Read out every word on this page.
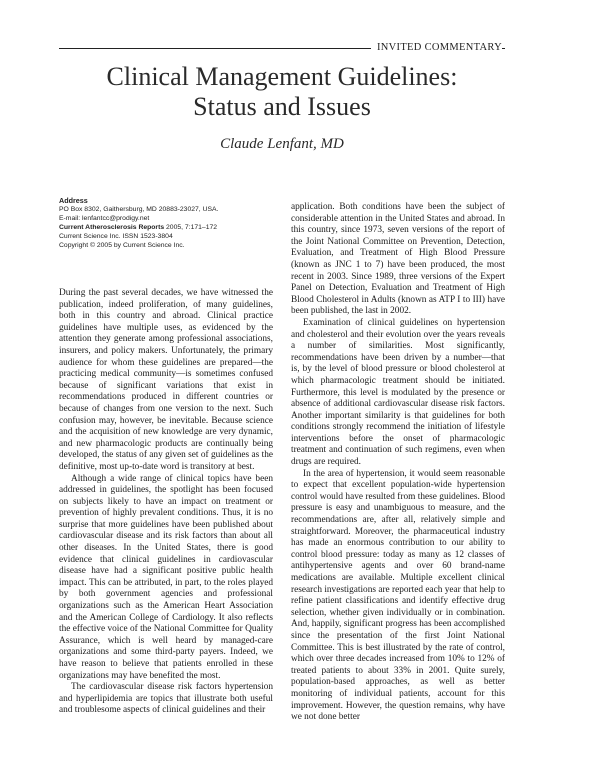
INVITED COMMENTARY
Clinical Management Guidelines:
Status and Issues
Claude Lenfant, MD
Address
PO Box 8302, Gaithersburg, MD 20883-23027, USA.
E-mail: lenfantcc@prodigy.net
Current Atherosclerosis Reports 2005, 7:171–172
Current Science Inc. ISSN 1523-3804
Copyright © 2005 by Current Science Inc.

During the past several decades, we have witnessed the publication, indeed proliferation, of many guidelines, both in this country and abroad. Clinical practice guidelines have multiple uses, as evidenced by the attention they generate among professional associations, insurers, and policy makers. Unfortunately, the primary audience for whom these guidelines are prepared—the practicing medical community—is sometimes confused because of significant variations that exist in recommendations produced in different countries or because of changes from one version to the next. Such confusion may, however, be inevitable. Because science and the acquisition of new knowledge are very dynamic, and new pharmacologic products are continually being developed, the status of any given set of guidelines as the definitive, most up-to-date word is transitory at best.

Although a wide range of clinical topics have been addressed in guidelines, the spotlight has been focused on subjects likely to have an impact on treatment or prevention of highly prevalent conditions. Thus, it is no surprise that more guidelines have been published about cardiovascular disease and its risk factors than about all other diseases. In the United States, there is good evidence that clinical guidelines in cardiovascular disease have had a significant positive public health impact. This can be attributed, in part, to the roles played by both government agencies and professional organizations such as the American Heart Association and the American College of Cardiology. It also reflects the effective voice of the National Committee for Quality Assurance, which is well heard by managed-care organizations and some third-party payers. Indeed, we have reason to believe that patients enrolled in these organizations may have benefited the most.

The cardiovascular disease risk factors hypertension and hyperlipidemia are topics that illustrate both useful and troublesome aspects of clinical guidelines and their

application. Both conditions have been the subject of considerable attention in the United States and abroad. In this country, since 1973, seven versions of the report of the Joint National Committee on Prevention, Detection, Evaluation, and Treatment of High Blood Pressure (known as JNC 1 to 7) have been produced, the most recent in 2003. Since 1989, three versions of the Expert Panel on Detection, Evaluation and Treatment of High Blood Cholesterol in Adults (known as ATP I to III) have been published, the last in 2002.

Examination of clinical guidelines on hypertension and cholesterol and their evolution over the years reveals a number of similarities. Most significantly, recommendations have been driven by a number—that is, by the level of blood pressure or blood cholesterol at which pharmacologic treatment should be initiated. Furthermore, this level is modulated by the presence or absence of additional cardiovascular disease risk factors. Another important similarity is that guidelines for both conditions strongly recommend the initiation of lifestyle interventions before the onset of pharmacologic treatment and continuation of such regimens, even when drugs are required.

In the area of hypertension, it would seem reasonable to expect that excellent population-wide hypertension control would have resulted from these guidelines. Blood pressure is easy and unambiguous to measure, and the recommendations are, after all, relatively simple and straightforward. Moreover, the pharmaceutical industry has made an enormous contribution to our ability to control blood pressure: today as many as 12 classes of antihypertensive agents and over 60 brand-name medications are available. Multiple excellent clinical research investigations are reported each year that help to refine patient classifications and identify effective drug selection, whether given individually or in combination. And, happily, significant progress has been accomplished since the presentation of the first Joint National Committee. This is best illustrated by the rate of control, which over three decades increased from 10% to 12% of treated patients to about 33% in 2001. Quite surely, population-based approaches, as well as better monitoring of individual patients, account for this improvement. However, the question remains, why have we not done better
